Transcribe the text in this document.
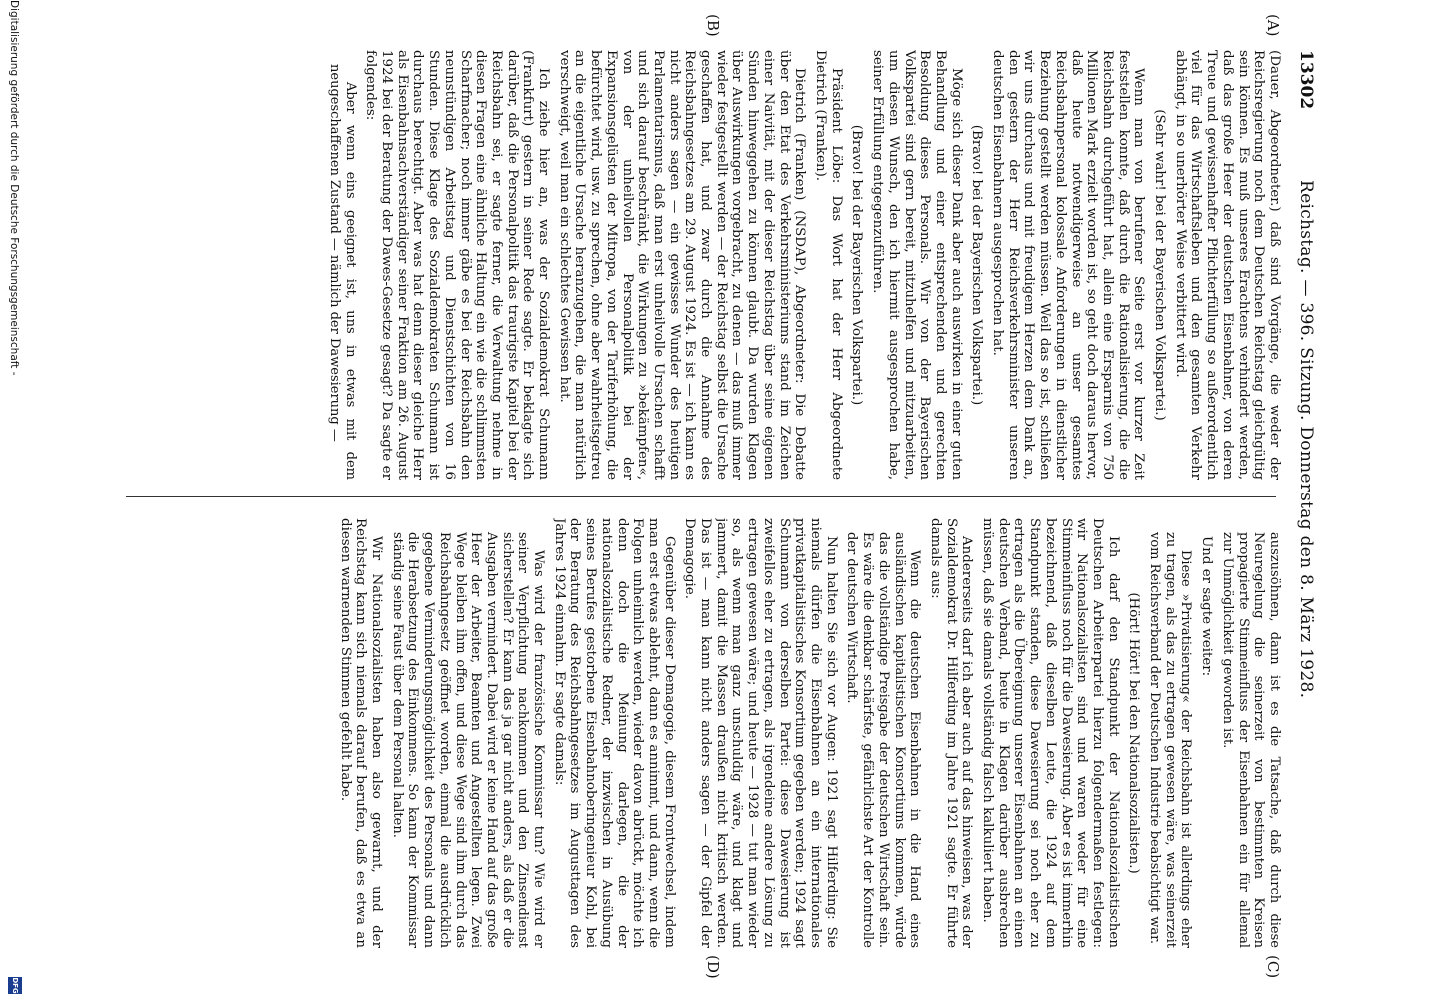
13302
Reichstag. — 396. Sitzung. Donnerstag den 8. März 1928.
(A)
(B)
(C)
(D)

(Dauer, Abgeordneter.) daß sind Vorgänge, die weder der Reichsregierung noch dem Deutschen Reichstag gleichgültig sein können. Es muß unseres Erachtens verhindert werden, daß das große Heer der deutschen Eisenbahner, von deren Treue und gewissenhafter Pflichterfüllung so außerordentlich viel für das Wirtschaftsleben und den gesamten Verkehr abhängt, in so unerhörter Weise verbittert wird.

(Sehr wahr! bei der Bayerischen Volkspartei.)

Wenn man von berufener Seite erst vor kurzer Zeit feststellen konnte, daß durch die Rationalisierung, die die Reichsbahn durchgeführt hat, allein eine Ersparnis von 750 Millionen Mark erzielt worden ist, so geht doch daraus hervor, daß heute notwendigerweise an unser gesamtes Reichsbahnpersonal kolossale Anforderungen in dienstlicher Beziehung gestellt werden müssen. Weil das so ist, schließen wir uns durchaus und mit freudigem Herzen dem Dank an, den gestern der Herr Reichsverkehrsminister unseren deutschen Eisenbahnern ausgesprochen hat.

(Bravo! bei der Bayerischen Volkspartei.)

Möge sich dieser Dank aber auch auswirken in einer guten Behandlung und einer entsprechenden und gerechten Besoldung dieses Personals. Wir von der Bayerischen Volkspartei sind gern bereit, mitzuhelfen und mitzuarbeiten, um diesen Wunsch, den ich hiermit ausgesprochen habe, seiner Erfüllung entgegenzuführen.

(Bravo! bei der Bayerischen Volkspartei.)

Präsident Löbe: Das Wort hat der Herr Abgeordnete Dietrich (Franken).

Dietrich (Franken) (NSDAP), Abgeordneter: Die Debatte über den Etat des Verkehrsministeriums stand im Zeichen einer Naivität, mit der dieser Reichstag über seine eigenen Sünden hinweggehen zu können glaubt. Da wurden Klagen über Auswirkungen vorgebracht, zu denen — das muß immer wieder festgestellt werden — der Reichstag selbst die Ursache geschaffen hat, und zwar durch die Annahme des Reichsbahngesetzes am 29. August 1924. Es ist — ich kann es nicht anders sagen — ein gewisses Wunder des heutigen Parlamentarismus, daß man erst unheilvolle Ursachen schafft und sich darauf beschränkt, die Wirkungen zu »bekämpfen«, von der unheilvollen Personalpolitik bei der Expansionsgelüsten der Mitropa, von der Tariferhöhung, die befürchtet wird, usw. zu sprechen, ohne aber wahrheitsgetreu an die eigentliche Ursache heranzugehen, die man natürlich verschweigt, weil man ein schlechtes Gewissen hat.

Ich ziehe hier an, was der Sozialdemokrat Schumann (Frankfurt) gestern in seiner Rede sagte. Er beklagte sich darüber, daß die Personalpolitik das traurigste Kapitel bei der Reichsbahn sei, er sagte ferner, die Verwaltung nehme in diesen Fragen eine ähnliche Haltung ein wie die schlimmsten Scharfmacher; noch immer gäbe es bei der Reichsbahn den neunstündigen Arbeitstag und Dienstschichten von 16 Stunden. Diese Klage des Sozialdemokraten Schumann ist durchaus berechtigt. Aber was hat denn dieser gleiche Herr als Eisenbahnsachverständiger seiner Fraktion am 26. August 1924 bei der Beratung der Dawes-Gesetze gesagt? Da sagte er folgendes:

Aber wenn eins geeignet ist, uns in etwas mit dem neugeschaffenen Zustand — nämlich der Dawesierung —

auszusöhnen, dann ist es die Tatsache, daß durch diese Neuregelung die seinerzeit von bestimmten Kreisen propagierte Stimmeinfluss der Eisenbahnen ein für allemal zur Unmöglichkeit geworden ist.

Und er sagte weiter:

Diese »Privatisierung« der Reichsbahn ist allerdings eher zu tragen, als das zu ertragen gewesen wäre, was seinerzeit vom Reichsverband der Deutschen Industrie beabsichtigt war.

(Hört! Hört! bei den Nationalsozialisten.)

Ich darf den Standpunkt der Nationalsozialistischen Deutschen Arbeiterpartei hierzu folgendermaßen festlegen: wir Nationalsozialisten sind und waren weder für eine Stimmeinfluss noch für die Dawesierung. Aber es ist immerhin bezeichnend, daß dieselben Leute, die 1924 auf dem Standpunkt standen, diese Dawesierung sei noch eher zu ertragen als die Übereignung unserer Eisenbahnen an einen deutschen Verband, heute in Klagen darüber ausbrechen müssen, daß sie damals vollständig falsch kalkuliert haben.

Andererseits darf ich aber auch auf das hinweisen, was der Sozialdemokrat Dr. Hilferding im Jahre 1921 sagte. Er führte damals aus:

Wenn die deutschen Eisenbahnen in die Hand eines ausländischen kapitalistischen Konsortiums kommen, würde das die vollständige Preisgabe der deutschen Wirtschaft sein. Es wäre die denkbar schärfste, gefährlichste Art der Kontrolle der deutschen Wirtschaft.

Nun halten Sie sich vor Augen: 1921 sagt Hilferding: Sie niemals dürfen die Eisenbahnen an ein internationales privatkapitalistisches Konsortium gegeben werden; 1924 sagt Schumann von derselben Partei: diese Dawesierung ist zweifellos eher zu ertragen, als irgendeine andere Lösung zu ertragen gewesen wäre; und heute — 1928 — tut man wieder so, als wenn man ganz unschuldig wäre, und klagt und jammert, damit die Massen draußen nicht kritisch werden. Das ist — man kann nicht anders sagen — der Gipfel der Demagogie.

Gegenüber dieser Demagogie, diesem Frontwechsel, indem man erst etwas ablehnt, dann es annimmt, und dann, wenn die Folgen unheimlich werden, wieder davon abrückt, möchte ich denn doch die Meinung darlegen, die der nationalsozialistische Redner, der inzwischen in Ausübung seines Berufes gestorbene Eisenbahnoberingenieur Kohl, bei der Beratung des Reichsbahngesetzes im Augusttagen des Jahres 1924 einnahm. Er sagte damals:

Was wird der französische Kommissar tun? Wie wird er seiner Verpflichtung nachkommen und den Zinsendienst sicherstellen? Er kann das ja gar nicht anders, als daß er die Ausgaben vermindert. Dabei wird er keine Hand auf das große Heer der Arbeiter, Beamten und Angestellten legen. Zwei Wege bleiben ihm offen, und diese Wege sind ihm durch das Reichsbahngesetz geöffnet worden, einmal die ausdrücklich gegebene Verminderungsmöglichkeit des Personals und dann die Herabsetzung des Einkommens. So kann der Kommissar ständig seine Faust über dem Personal halten.

Wir Nationalsozialisten haben also gewarnt, und der Reichstag kann sich niemals darauf berufen, daß es etwa an diesen warnenden Stimmen gefehlt habe.

Digitalisierung gefördert durch die Deutsche Forschungsgemeinschaft -
DFG
